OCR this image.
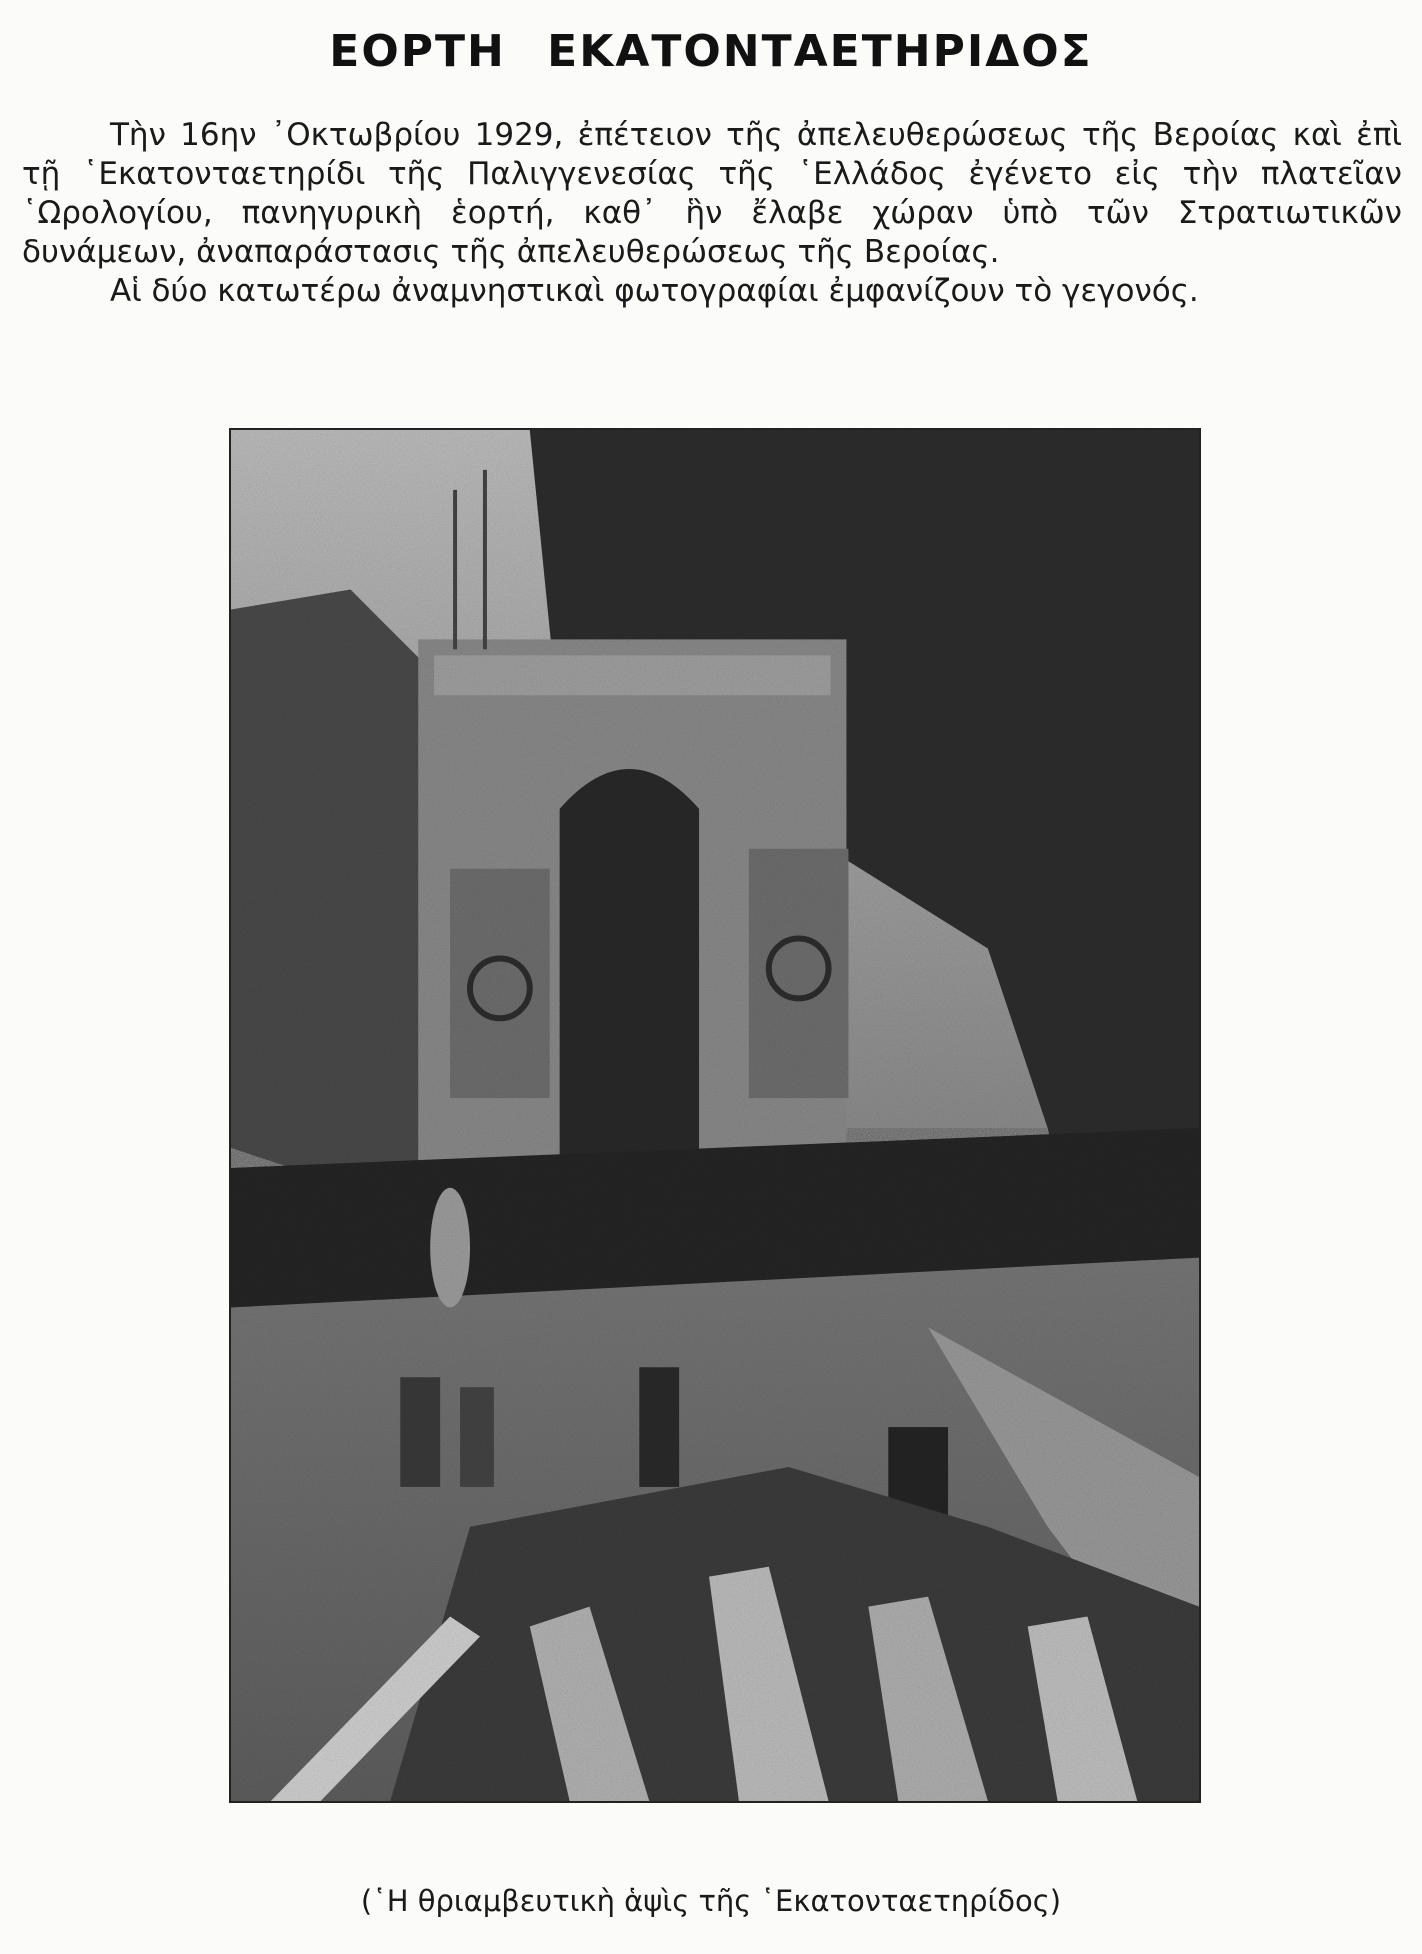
ΕΟΡΤΗ ΕΚΑΤΟΝΤΑΕΤΗΡΙΔΟΣ

Τὴν 16ην ᾽Οκτωβρίου 1929, ἐπέτειον τῆς ἀπελευθερώσεως τῆς Βεροίας καὶ ἐπὶ τῇ ῾Εκατονταετηρίδι τῆς Παλιγγενεσίας τῆς ῾Ελλάδος ἐγένετο εἰς τὴν πλατεῖαν ῾Ωρολογίου, πανηγυρικὴ ἑορτή, καθ᾽ ἣν ἔλαβε χώραν ὑπὸ τῶν Στρατιωτικῶν δυνάμεων, ἀναπαράστασις τῆς ἀπελευθερώσεως τῆς Βεροίας.

Αἱ δύο κατωτέρω ἀναμνηστικαὶ φωτογραφίαι ἐμφανίζουν τὸ γεγονός.

(῾Η θριαμβευτικὴ ἁψὶς τῆς ῾Εκατονταετηρίδος)
